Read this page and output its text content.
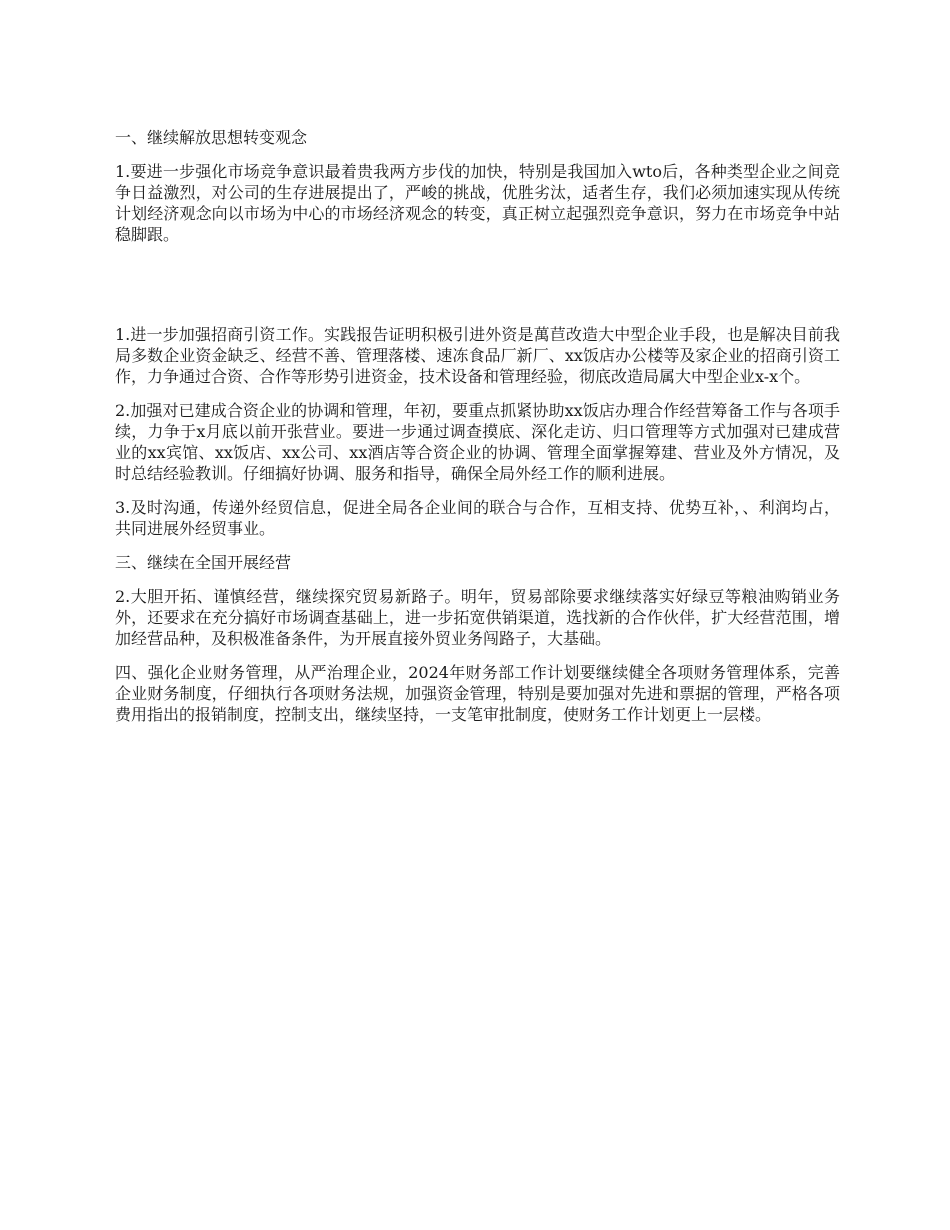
一、继续解放思想转变观念

1.要进一步强化市场竞争意识最着贵我两方步伐的加快，特别是我国加入wto后，各种类型企业之间竞争日益激烈，对公司的生存进展提出了，严峻的挑战，优胜劣汰，适者生存，我们必须加速实现从传统计划经济观念向以市场为中心的市场经济观念的转变，真正树立起强烈竞争意识，努力在市场竞争中站稳脚跟。

1.进一步加强招商引资工作。实践报告证明积极引进外资是萬苣改造大中型企业手段，也是解决目前我局多数企业资金缺乏、经营不善、管理落楼、速冻食品厂新厂、xx饭店办公楼等及家企业的招商引资工作，力争通过合资、合作等形势引进资金，技术设备和管理经验，彻底改造局属大中型企业x-x个。

2.加强对已建成合资企业的协调和管理，年初，要重点抓紧协助xx饭店办理合作经营筹备工作与各项手续，力争于x月底以前开张营业。要进一步通过调查摸底、深化走访、归口管理等方式加强对已建成营业的xx宾馆、xx饭店、xx公司、xx酒店等合资企业的协调、管理全面掌握筹建、营业及外方情况，及时总结经验教训。仔细搞好协调、服务和指导，确保全局外经工作的顺利进展。

3.及时沟通，传递外经贸信息，促进全局各企业间的联合与合作，互相支持、优势互补，、利润均占，共同进展外经贸事业。

三、继续在全国开展经营

2.大胆开拓、谨慎经营，继续探究贸易新路子。明年，贸易部除要求继续落实好绿豆等粮油购销业务外，还要求在充分搞好市场调查基础上，进一步拓宽供销渠道，选找新的合作伙伴，扩大经营范围，增加经营品种，及积极准备条件，为开展直接外贸业务闯路子，大基础。

四、强化企业财务管理，从严治理企业，2024年财务部工作计划要继续健全各项财务管理体系，完善企业财务制度，仔细执行各项财务法规，加强资金管理，特别是要加强对先进和票据的管理，严格各项费用指出的报销制度，控制支出，继续坚持，一支笔审批制度，使财务工作计划更上一层楼。
